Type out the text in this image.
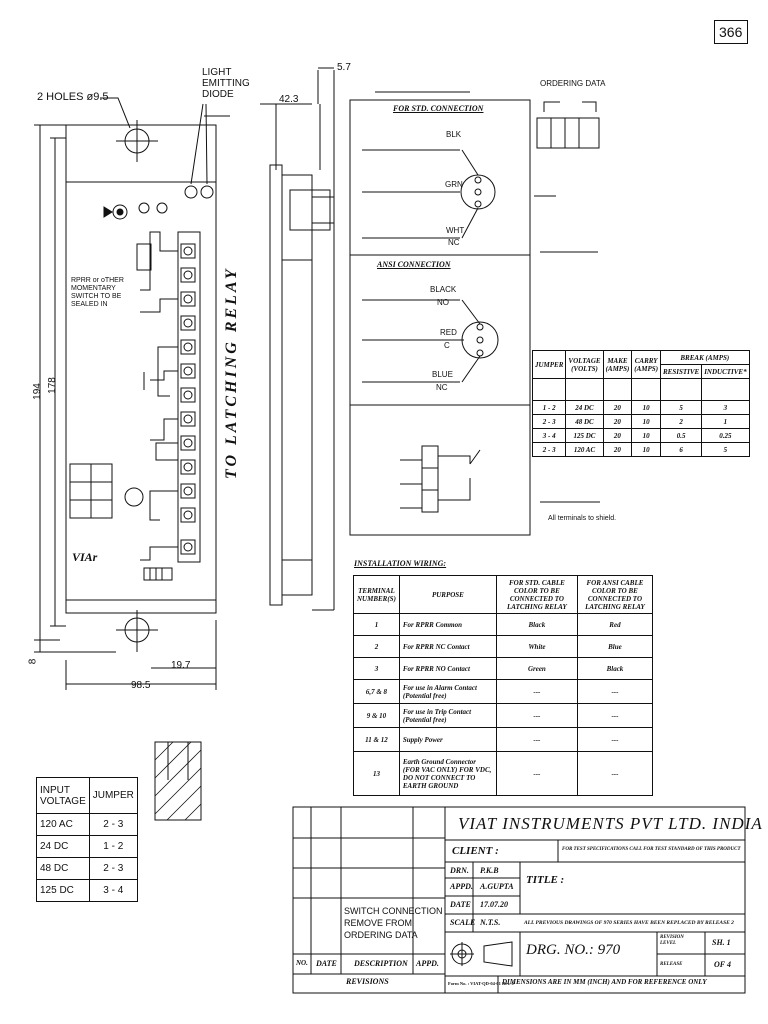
366
2 HOLES ø9.5
5.7
42.3
194 178
8	19.7
98.5
LIGHT
EMITTING
DIODE
TO LATCHING RELAY
RPRR or oTHER
MOMENTARY
SWITCH TO BE
SEALED IN
VIAr
ORDERING DATA
FOR STD. CONNECTION
BLK
GRN
WHT
NC
ANSI CONNECTION
BLACK
NO
RED
C
BLUE
NC
All terminals to shield.
JUMPER	VOLTAGE (VOLTS)	MAKE (AMPS)	CARRY (AMPS)	BREAK (AMPS)	
				RESISTIVE	INDUCTIVE*

1 - 2	24 DC	20	10	5	3
2 - 3	48 DC	20	10	2	1
3 - 4	125 DC	20	10	0.5	0.25
2 - 3	120 AC	20	10	6	5
INSTALLATION WIRING:
TERMINAL NUMBER(S)	PURPOSE	FOR STD. CABLE COLOR TO BE CONNECTED TO LATCHING RELAY	FOR ANSI CABLE COLOR TO BE CONNECTED TO LATCHING RELAY
1	For RPRR Common	Black	Red
2	For RPRR NC Contact	White	Blue
3	For RPRR NO Contact	Green	Black
6,7 & 8	For use in Alarm Contact (Potential free)	---	---
9 & 10	For use in Trip Contact (Potential free)	---	---
11 & 12	Supply Power	---	---
13	Earth Ground Connector (FOR VAC ONLY) FOR VDC, DO NOT CONNECT TO EARTH GROUND	---	---
INPUT VOLTAGE	JUMPER
120 AC	2 - 3
24 DC	1 - 2
48 DC	2 - 3
125 DC	3 - 4
VIAT INSTRUMENTS PVT LTD. INDIA
CLIENT :	FOR TEST SPECIFICATIONS CALL FOR TEST STANDARD OF THIS PRODUCT
DRN. P.K.B
APPD. A.GUPTA
DATE 17.07.20
SCALE N.T.S.
TITLE :
ALL PREVIOUS DRAWINGS OF 970 SERIES HAVE BEEN REPLACED BY RELEASE 2
DRG. NO.: 970
REVISION LEVEL
RELEASE
SH. 1
OF 4
Form No. : VIAT-QD-04-01 Rev. 0
DIMENSIONS ARE IN MM (INCH) AND FOR REFERENCE ONLY
SWITCH CONNECTION
REMOVE FROM
ORDERING DATA
NO. DATE DESCRIPTION APPD.
REVISIONS
